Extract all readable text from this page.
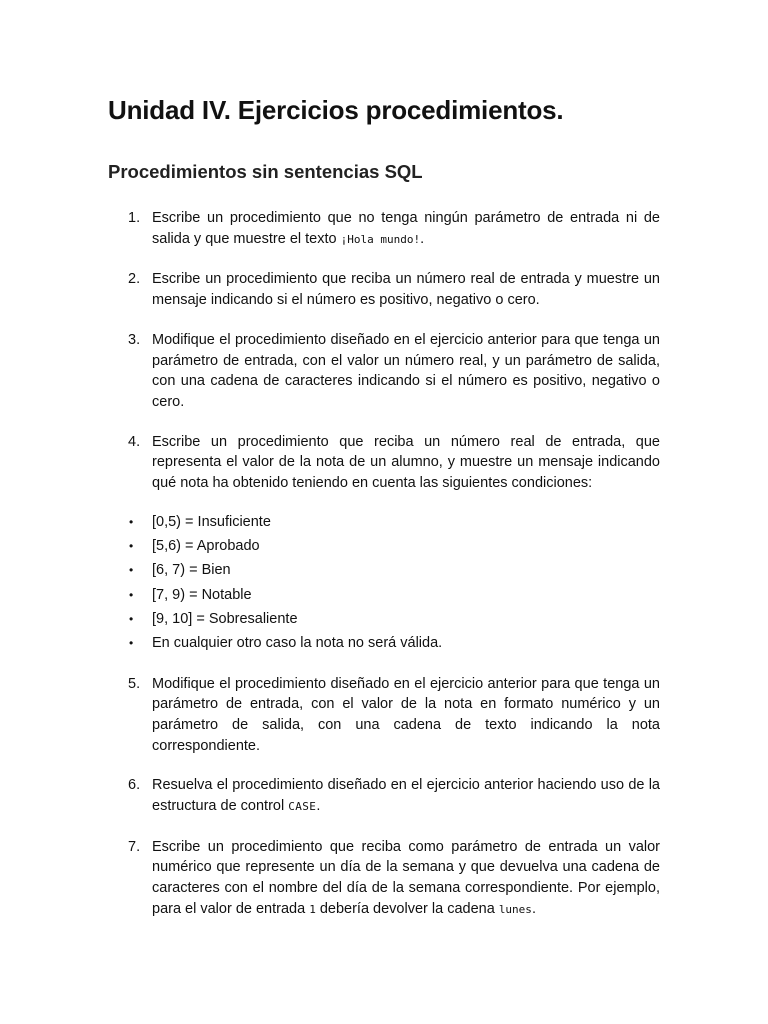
Unidad IV. Ejercicios procedimientos.
Procedimientos sin sentencias SQL
1. Escribe un procedimiento que no tenga ningún parámetro de entrada ni de salida y que muestre el texto ¡Hola mundo!.
2. Escribe un procedimiento que reciba un número real de entrada y muestre un mensaje indicando si el número es positivo, negativo o cero.
3. Modifique el procedimiento diseñado en el ejercicio anterior para que tenga un parámetro de entrada, con el valor un número real, y un parámetro de salida, con una cadena de caracteres indicando si el número es positivo, negativo o cero.
4. Escribe un procedimiento que reciba un número real de entrada, que representa el valor de la nota de un alumno, y muestre un mensaje indicando qué nota ha obtenido teniendo en cuenta las siguientes condiciones:
• [0,5) = Insuficiente
• [5,6) = Aprobado
• [6, 7) = Bien
• [7, 9) = Notable
• [9, 10] = Sobresaliente
• En cualquier otro caso la nota no será válida.
5. Modifique el procedimiento diseñado en el ejercicio anterior para que tenga un parámetro de entrada, con el valor de la nota en formato numérico y un parámetro de salida, con una cadena de texto indicando la nota correspondiente.
6. Resuelva el procedimiento diseñado en el ejercicio anterior haciendo uso de la estructura de control CASE.
7. Escribe un procedimiento que reciba como parámetro de entrada un valor numérico que represente un día de la semana y que devuelva una cadena de caracteres con el nombre del día de la semana correspondiente. Por ejemplo, para el valor de entrada 1 debería devolver la cadena lunes.
